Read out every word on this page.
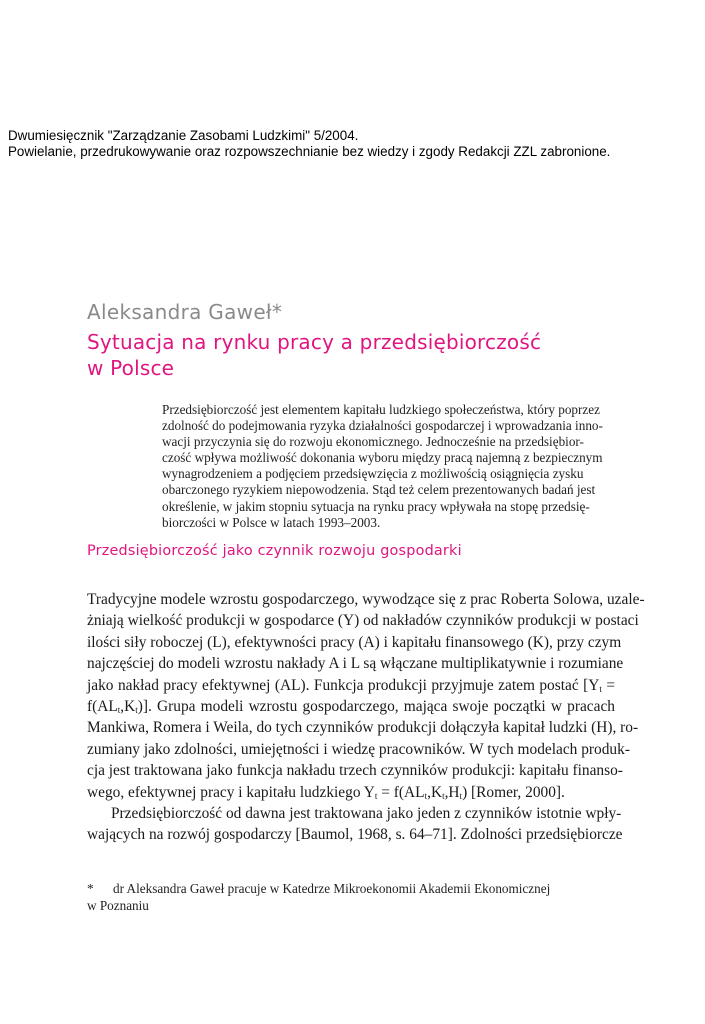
Dwumiesięcznik "Zarządzanie Zasobami Ludzkimi" 5/2004.
Powielanie, przedrukowywanie oraz rozpowszechnianie bez wiedzy i zgody Redakcji ZZL zabronione.
Aleksandra Gaweł*
Sytuacja na rynku pracy a przedsiębiorczość
w Polsce
Przedsiębiorczość jest elementem kapitału ludzkiego społeczeństwa, który poprzez
zdolność do podejmowania ryzyka działalności gospodarczej i wprowadzania inno-
wacji przyczynia się do rozwoju ekonomicznego. Jednocześnie na przedsiębior-
czość wpływa możliwość dokonania wyboru między pracą najemną z bezpiecznym
wynagrodzeniem a podjęciem przedsięwzięcia z możliwością osiągnięcia zysku
obarczonego ryzykiem niepowodzenia. Stąd też celem prezentowanych badań jest
określenie, w jakim stopniu sytuacja na rynku pracy wpływała na stopę przedsię-
biorczości w Polsce w latach 1993–2003.
Przedsiębiorczość jako czynnik rozwoju gospodarki
Tradycyjne modele wzrostu gospodarczego, wywodzące się z prac Roberta Solowa, uzale-
żniają wielkość produkcji w gospodarce (Y) od nakładów czynników produkcji w postaci
ilości siły roboczej (L), efektywności pracy (A) i kapitału finansowego (K), przy czym
najczęściej do modeli wzrostu nakłady A i L są włączane multiplikatywnie i rozumiane
jako nakład pracy efektywnej (AL). Funkcja produkcji przyjmuje zatem postać [$Y_t$ =
$f(AL_t,K_t)$]. Grupa modeli wzrostu gospodarczego, mająca swoje początki w pracach
Mankiwa, Romera i Weila, do tych czynników produkcji dołączyła kapitał ludzki (H), ro-
zumiany jako zdolności, umiejętności i wiedzę pracowników. W tych modelach produk-
cja jest traktowana jako funkcja nakładu trzech czynników produkcji: kapitału finanso-
wego, efektywnej pracy i kapitału ludzkiego $Y_t = f(AL_t,K_t,H_t)$ [Romer, 2000].
Przedsiębiorczość od dawna jest traktowana jako jeden z czynników istotnie wpły-
wających na rozwój gospodarczy [Baumol, 1968, s. 64–71]. Zdolności przedsiębiorcze
* dr Aleksandra Gaweł pracuje w Katedrze Mikroekonomii Akademii Ekonomicznej
w Poznaniu
